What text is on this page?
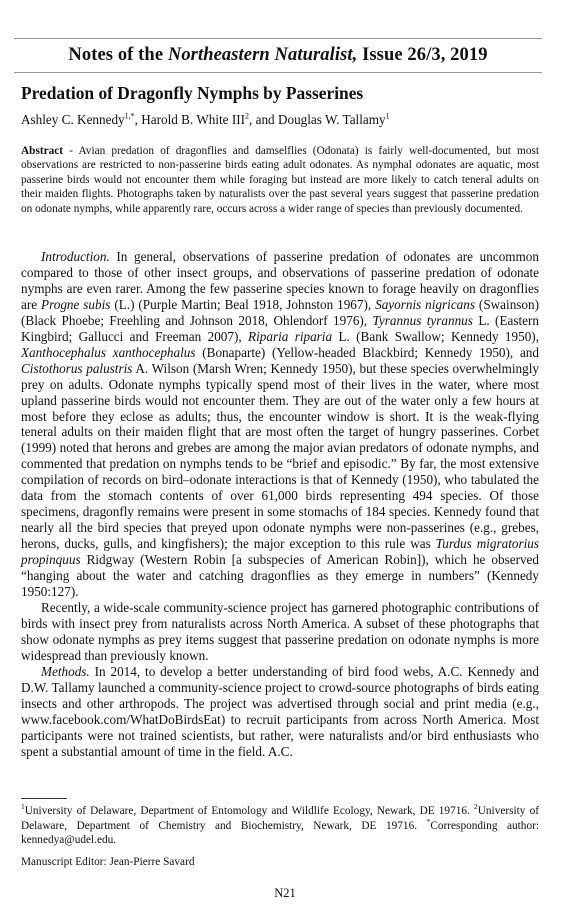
Notes of the Northeastern Naturalist, Issue 26/3, 2019
Predation of Dragonfly Nymphs by Passerines
Ashley C. Kennedy$^{1,*}$, Harold B. White III$^2$, and Douglas W. Tallamy$^1$
Abstract - Avian predation of dragonflies and damselflies (Odonata) is fairly well-documented, but most observations are restricted to non-passerine birds eating adult odonates. As nymphal odonates are aquatic, most passerine birds would not encounter them while foraging but instead are more likely to catch teneral adults on their maiden flights. Photographs taken by naturalists over the past several years suggest that passerine predation on odonate nymphs, while apparently rare, occurs across a wider range of species than previously documented.

Introduction. In general, observations of passerine predation of odonates are uncommon compared to those of other insect groups, and observations of passerine predation of odonate nymphs are even rarer. Among the few passerine species known to forage heavily on dragonflies are Progne subis (L.) (Purple Martin; Beal 1918, Johnston 1967), Sayornis nigricans (Swainson) (Black Phoebe; Freehling and Johnson 2018, Ohlendorf 1976), Tyrannus tyrannus L. (Eastern Kingbird; Gallucci and Freeman 2007), Riparia riparia L. (Bank Swallow; Kennedy 1950), Xanthocephalus xanthocephalus (Bonaparte) (Yellow-headed Blackbird; Kennedy 1950), and Cistothorus palustris A. Wilson (Marsh Wren; Kennedy 1950), but these species overwhelmingly prey on adults. Odonate nymphs typically spend most of their lives in the water, where most upland passerine birds would not encounter them. They are out of the water only a few hours at most before they eclose as adults; thus, the encounter window is short. It is the weak-flying teneral adults on their maiden flight that are most often the target of hungry passerines. Corbet (1999) noted that herons and grebes are among the major avian predators of odonate nymphs, and commented that predation on nymphs tends to be “brief and episodic.” By far, the most extensive compilation of records on bird–odonate interactions is that of Kennedy (1950), who tabulated the data from the stomach contents of over 61,000 birds representing 494 species. Of those specimens, dragonfly remains were present in some stomachs of 184 species. Kennedy found that nearly all the bird species that preyed upon odonate nymphs were non-passerines (e.g., grebes, herons, ducks, gulls, and kingfishers); the major exception to this rule was Turdus migratorius propinquus Ridgway (Western Robin [a subspecies of American Robin]), which he observed “hanging about the water and catching dragonflies as they emerge in numbers” (Kennedy 1950:127).

Recently, a wide-scale community-science project has garnered photographic contributions of birds with insect prey from naturalists across North America. A subset of these photographs that show odonate nymphs as prey items suggest that passerine predation on odonate nymphs is more widespread than previously known.

Methods. In 2014, to develop a better understanding of bird food webs, A.C. Kennedy and D.W. Tallamy launched a community-science project to crowd-source photographs of birds eating insects and other arthropods. The project was advertised through social and print media (e.g., www.facebook.com/WhatDoBirdsEat) to recruit participants from across North America. Most participants were not trained scientists, but rather, were naturalists and/or bird enthusiasts who spent a substantial amount of time in the field. A.C.

$^1$University of Delaware, Department of Entomology and Wildlife Ecology, Newark, DE 19716. $^2$University of Delaware, Department of Chemistry and Biochemistry, Newark, DE 19716. *Corresponding author: kennedya@udel.edu.
Manuscript Editor: Jean-Pierre Savard
N21
